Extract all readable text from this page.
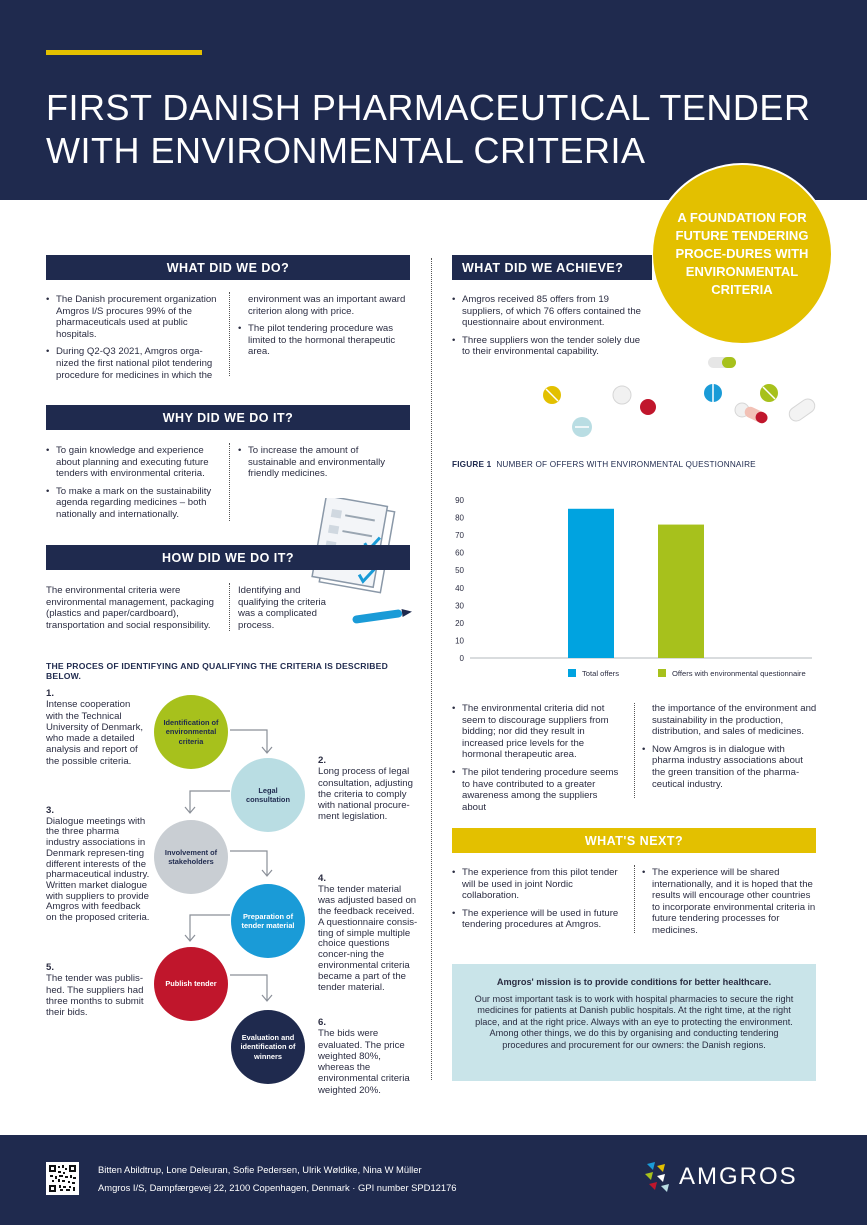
FIRST DANISH PHARMACEUTICAL TENDER WITH ENVIRONMENTAL CRITERIA
A FOUNDATION FOR FUTURE TENDERING PROCE-DURES WITH ENVIRONMENTAL CRITERIA
WHAT DID WE DO?
• The Danish procurement organization Amgros I/S procures 99% of the pharmaceuticals used at public hospitals.
• During Q2-Q3 2021, Amgros orga-nized the first national pilot tendering procedure for medicines in which the
environment was an important award criterion along with price.
• The pilot tendering procedure was limited to the hormonal therapeutic area.
WHY DID WE DO IT?
• To gain knowledge and experience about planning and executing future tenders with environmental criteria.
• To make a mark on the sustainability agenda regarding medicines – both nationally and internationally.
• To increase the amount of sustainable and environmentally friendly medicines.
HOW DID WE DO IT?
The environmental criteria were environmental management, packaging (plastics and paper/cardboard), transportation and social responsibility.
Identifying and qualifying the criteria was a complicated process.
THE PROCES OF IDENTIFYING AND QUALIFYING THE CRITERIA IS DESCRIBED BELOW.
Identification of environmental criteria
Legal consultation
Involvement of stakeholders
Preparation of tender material
Publish tender
Evaluation and identification of winners
1.
Intense cooperation with the Technical University of Denmark, who made a detailed analysis and report of the possible criteria.	2.
Long process of legal consultation, adjusting the criteria to comply with national procure-ment legislation.
3.
Dialogue meetings with the three pharma industry associations in Denmark represen-ting different interests of the pharmaceutical industry. Written market dialogue with suppliers to provide Amgros with feedback on the proposed criteria.
4.
The tender material was adjusted based on the feedback received. A questionnaire consis-ting of simple multiple choice questions concer-ning the environmental criteria became a part of the tender material.
5.
The tender was publis-hed. The suppliers had three months to submit their bids.
6.
The bids were evaluated. The price weighted 80%, whereas the environmental criteria weighted 20%.
WHAT DID WE ACHIEVE?
• Amgros received 85 offers from 19 suppliers, of which 76 offers contained the questionnaire about environment.
• Three suppliers won the tender solely due to their environmental capability.
FIGURE 1 NUMBER OF OFFERS WITH ENVIRONMENTAL QUESTIONNAIRE
0
10
20
30
40
50
60
70
80
90
Total offers	Offers with environmental questionnaire
• The environmental criteria did not seem to discourage suppliers from bidding; nor did they result in increased price levels for the hormonal therapeutic area.
• The pilot tendering procedure seems to have contributed to a greater awareness among the suppliers about
the importance of the environment and sustainability in the production, distribution, and sales of medicines.
• Now Amgros is in dialogue with pharma industry associations about the green transition of the pharma-ceutical industry.
WHAT'S NEXT?
• The experience from this pilot tender will be used in joint Nordic collaboration.
• The experience will be used in future tendering procedures at Amgros.
• The experience will be shared internationally, and it is hoped that the results will encourage other countries to incorporate environmental criteria in future tendering processes for medicines.
Amgros' mission is to provide conditions for better healthcare.
Our most important task is to work with hospital pharmacies to secure the right medicines for patients at Danish public hospitals. At the right time, at the right place, and at the right price. Always with an eye to protecting the environment. Among other things, we do this by organising and conducting tendering procedures and procurement for our owners: the Danish regions.
Bitten Abildtrup, Lone Deleuran, Sofie Pedersen, Ulrik Wøldike, Nina W Müller
Amgros I/S, Dampfærgevej 22, 2100 Copenhagen, Denmark · GPI number SPD12176	AMGROS
